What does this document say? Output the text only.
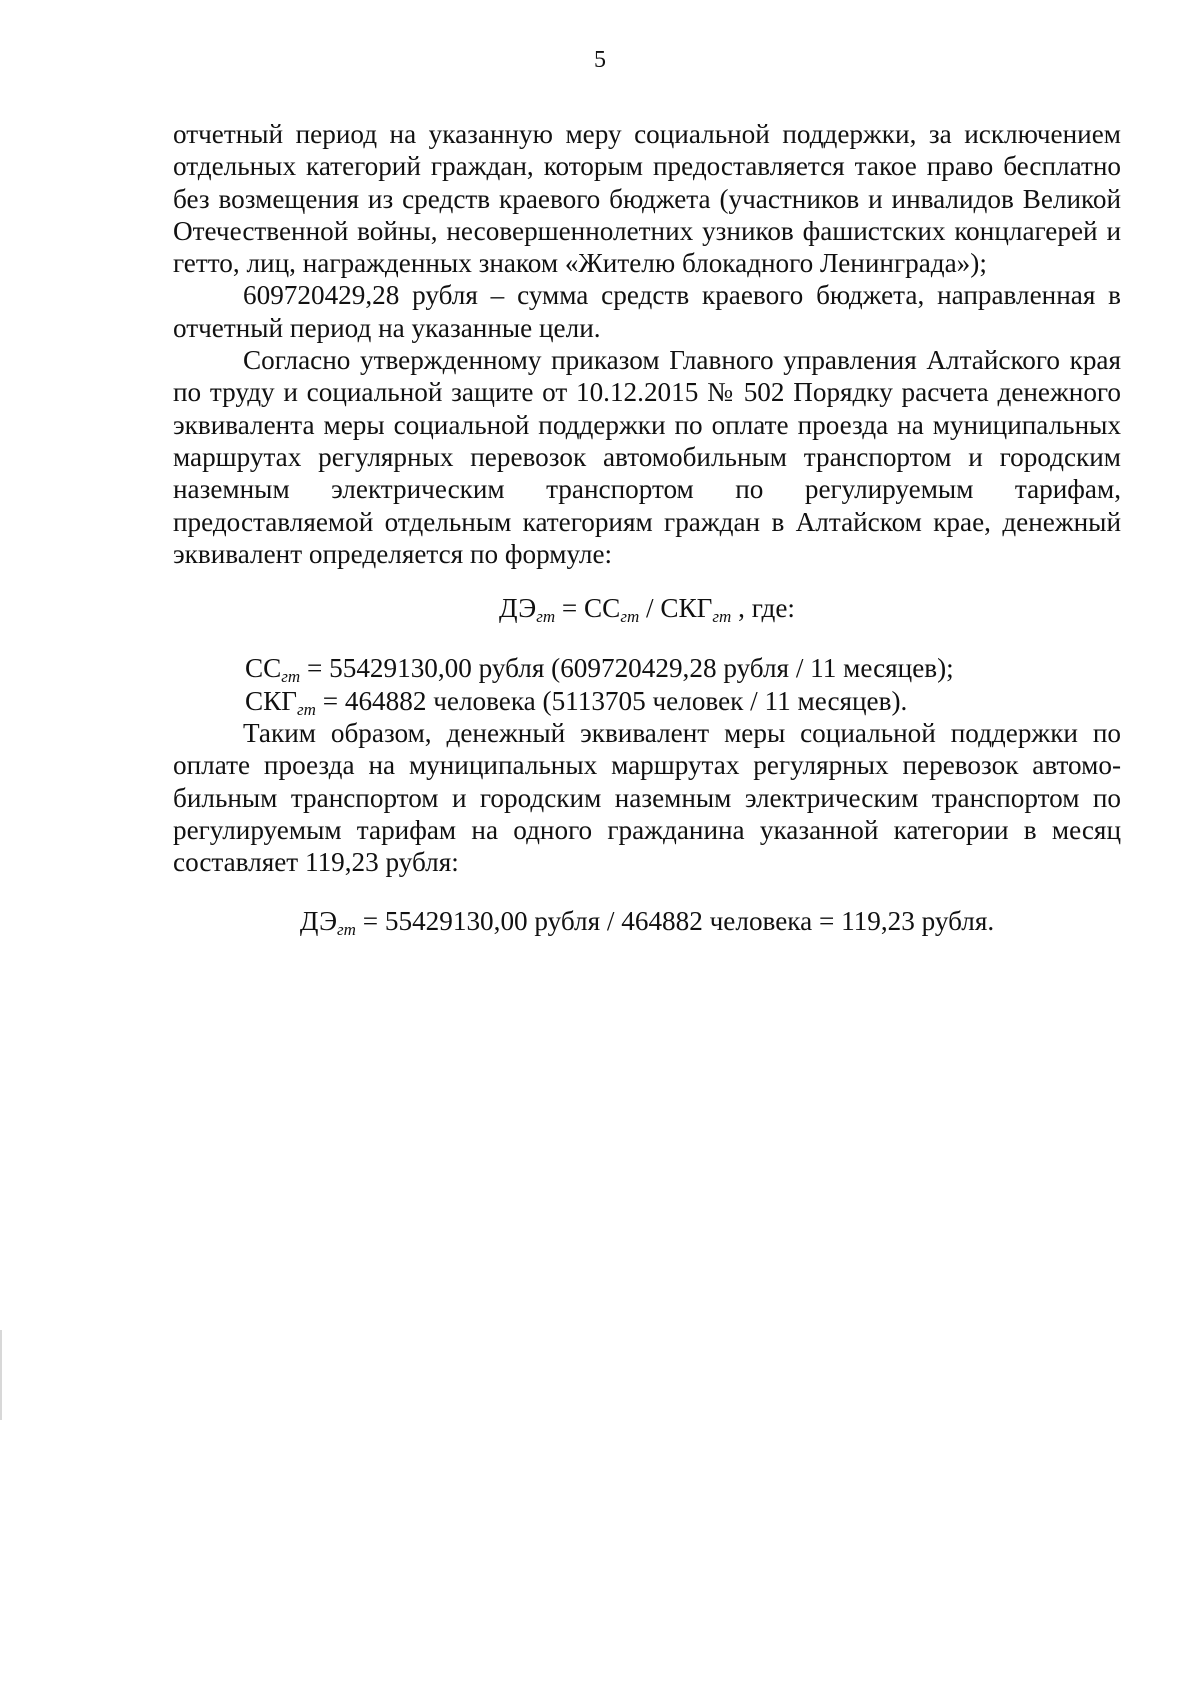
5

отчетный период на указанную меру социальной поддержки, за исключением отдельных категорий граждан, которым предоставляется такое право бесплатно без возмещения из средств краевого бюджета (участников и инвалидов Великой Отечественной войны, несовершеннолетних узников фашистских концлагерей и гетто, лиц, награжденных знаком «Жителю блокадного Ленинграда»);

609720429,28 рубля – сумма средств краевого бюджета, направленная в отчетный период на указанные цели.

Согласно утвержденному приказом Главного управления Алтайского края по труду и социальной защите от 10.12.2015 № 502 Порядку расчета денежного эквивалента меры социальной поддержки по оплате проезда на муниципальных маршрутах регулярных перевозок автомобильным транспортом и городским наземным электрическим транспортом по регулируемым тарифам, предоставляемой отдельным категориям граждан в Алтайском крае, денежный эквивалент определяется по формуле:

$ДЭ_{гт} = СС_{гт} / СКГ_{гт}$ , где:

$СС_{гт} = 55429130,00$ рубля (609720429,28 рубля / 11 месяцев);

$СКГ_{гт} = 464882$ человека (5113705 человек / 11 месяцев).

Таким образом, денежный эквивалент меры социальной поддержки по оплате проезда на муниципальных маршрутах регулярных перевозок автомобильным транспортом и городским наземным электрическим транспортом по регулируемым тарифам на одного гражданина указанной категории в месяц составляет 119,23 рубля:

$ДЭ_{гт} = 55429130,00$ рубля / 464882 человека = 119,23 рубля.
